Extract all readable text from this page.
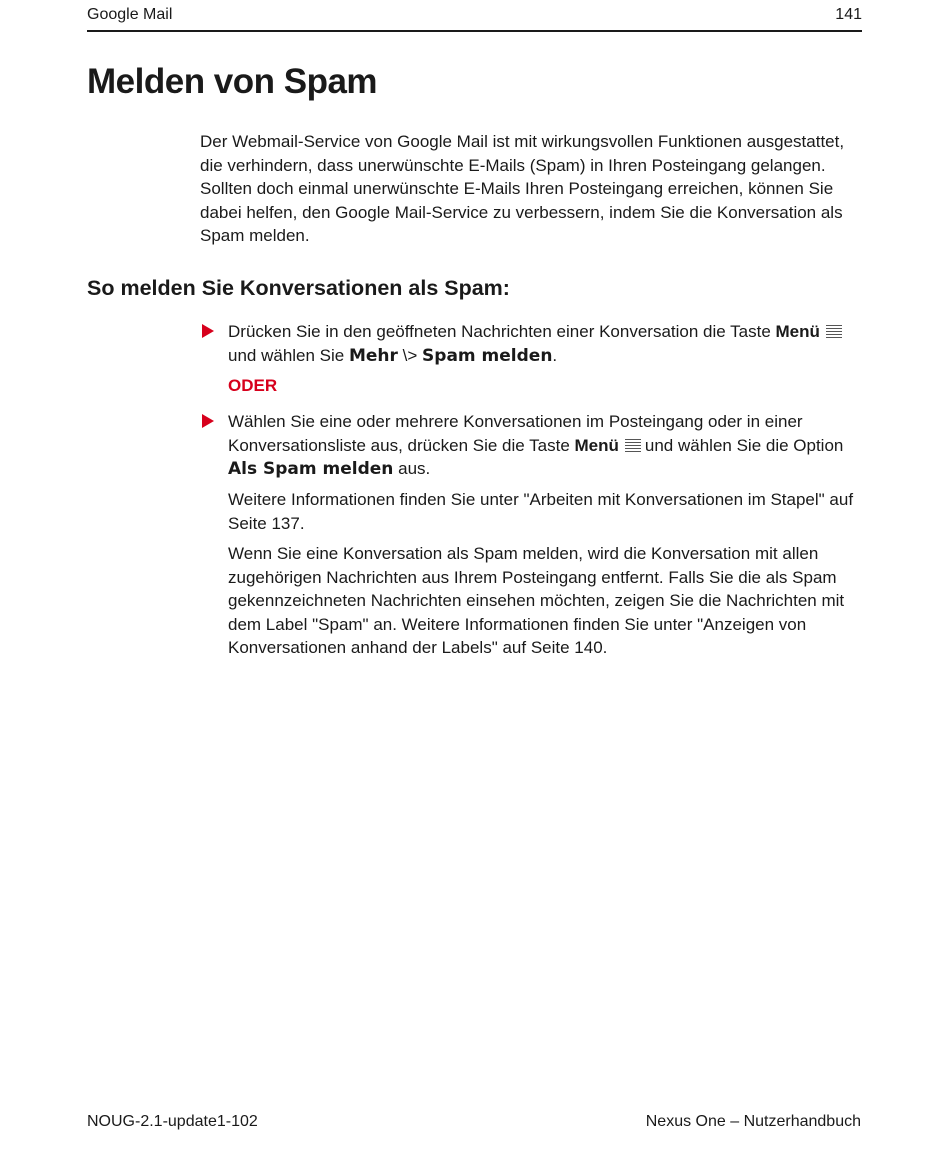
Google Mail	141
Melden von Spam

Der Webmail-Service von Google Mail ist mit wirkungsvollen Funktionen ausgestattet, die verhindern, dass unerwünschte E-Mails (Spam) in Ihren Posteingang gelangen. Sollten doch einmal unerwünschte E-Mails Ihren Posteingang erreichen, können Sie dabei helfen, den Google Mail-Service zu verbessern, indem Sie die Konversation als Spam melden.

So melden Sie Konversationen als Spam:

Drücken Sie in den geöffneten Nachrichten einer Konversation die Taste Menü
und wählen Sie Mehr \> Spam melden.

ODER

Wählen Sie eine oder mehrere Konversationen im Posteingang oder in einer Konversationsliste aus, drücken Sie die Taste Menü und wählen Sie die Option Als Spam melden aus.

Weitere Informationen finden Sie unter "Arbeiten mit Konversationen im Stapel" auf Seite 137.

Wenn Sie eine Konversation als Spam melden, wird die Konversation mit allen zugehörigen Nachrichten aus Ihrem Posteingang entfernt. Falls Sie die als Spam gekennzeichneten Nachrichten einsehen möchten, zeigen Sie die Nachrichten mit dem Label "Spam" an. Weitere Informationen finden Sie unter "Anzeigen von Konversationen anhand der Labels" auf Seite 140.

NOUG-2.1-update1-102	Nexus One – Nutzerhandbuch
